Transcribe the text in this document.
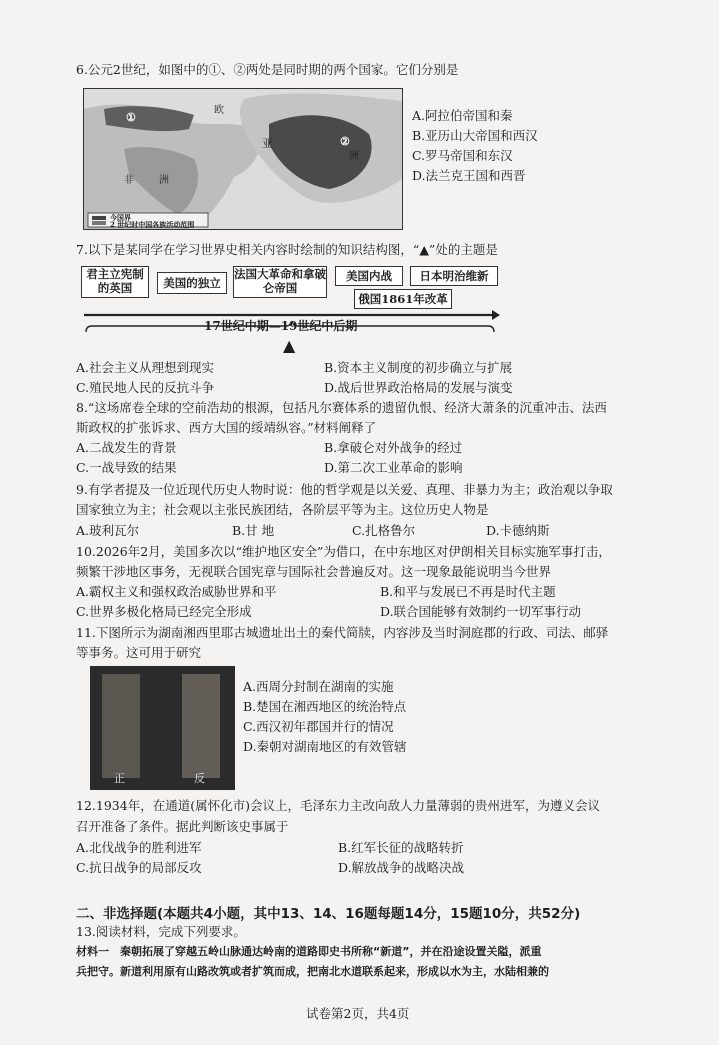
6.公元2世纪，如图中的①、②两处是同时期的两个国家。它们分别是
欧
亚
洲
非	洲
①
②
今国界
2 世纪时中国各族活动范围
A.阿拉伯帝国和秦
B.亚历山大帝国和西汉
C.罗马帝国和东汉
D.法兰克王国和西晋
7.以下是某同学在学习世界史相关内容时绘制的知识结构图，“▲”处的主题是
君主立宪制的英国	美国的独立
法国大革命和拿破仑帝国
美国内战	日本明治维新
俄国1861年改革
17世纪中期—19世纪中后期
▲
A.社会主义从理想到现实	B.资本主义制度的初步确立与扩展
C.殖民地人民的反抗斗争	D.战后世界政治格局的发展与演变
8.“这场席卷全球的空前浩劫的根源，包括凡尔赛体系的遗留仇恨、经济大萧条的沉重冲击、法西
斯政权的扩张诉求、西方大国的绥靖纵容。”材料阐释了
A.二战发生的背景	B.拿破仑对外战争的经过
C.一战导致的结果	D.第二次工业革命的影响
9.有学者提及一位近现代历史人物时说：他的哲学观是以关爱、真理、非暴力为主；政治观以争取
国家独立为主；社会观以主张民族团结，各阶层平等为主。这位历史人物是
A.玻利瓦尔	B.甘 地	C.扎格鲁尔	D.卡德纳斯
10.2026年2月，美国多次以“维护地区安全”为借口，在中东地区对伊朗相关目标实施军事打击，
频繁干涉地区事务，无视联合国宪章与国际社会普遍反对。这一现象最能说明当今世界
A.霸权主义和强权政治威胁世界和平	B.和平与发展已不再是时代主题
C.世界多极化格局已经完全形成	D.联合国能够有效制约一切军事行动
11.下图所示为湖南湘西里耶古城遗址出土的秦代简牍，内容涉及当时洞庭郡的行政、司法、邮驿
等事务。这可用于研究
正	反
A.西周分封制在湖南的实施
B.楚国在湘西地区的统治特点
C.西汉初年郡国并行的情况
D.秦朝对湖南地区的有效管辖
12.1934年，在通道(属怀化市)会议上，毛泽东力主改向敌人力量薄弱的贵州进军，为遵义会议
召开准备了条件。据此判断该史事属于
A.北伐战争的胜利进军	B.红军长征的战略转折
C.抗日战争的局部反攻	D.解放战争的战略决战
二、非选择题(本题共4小题，其中13、14、16题每题14分，15题10分，共52分)
13.阅读材料，完成下列要求。
材料一　秦朝拓展了穿越五岭山脉通达岭南的道路即史书所称“新道”，并在沿途设置关隘，派重
兵把守。新道利用原有山路改筑或者扩筑而成，把南北水道联系起来，形成以水为主，水陆相兼的
试卷第2页，共4页
